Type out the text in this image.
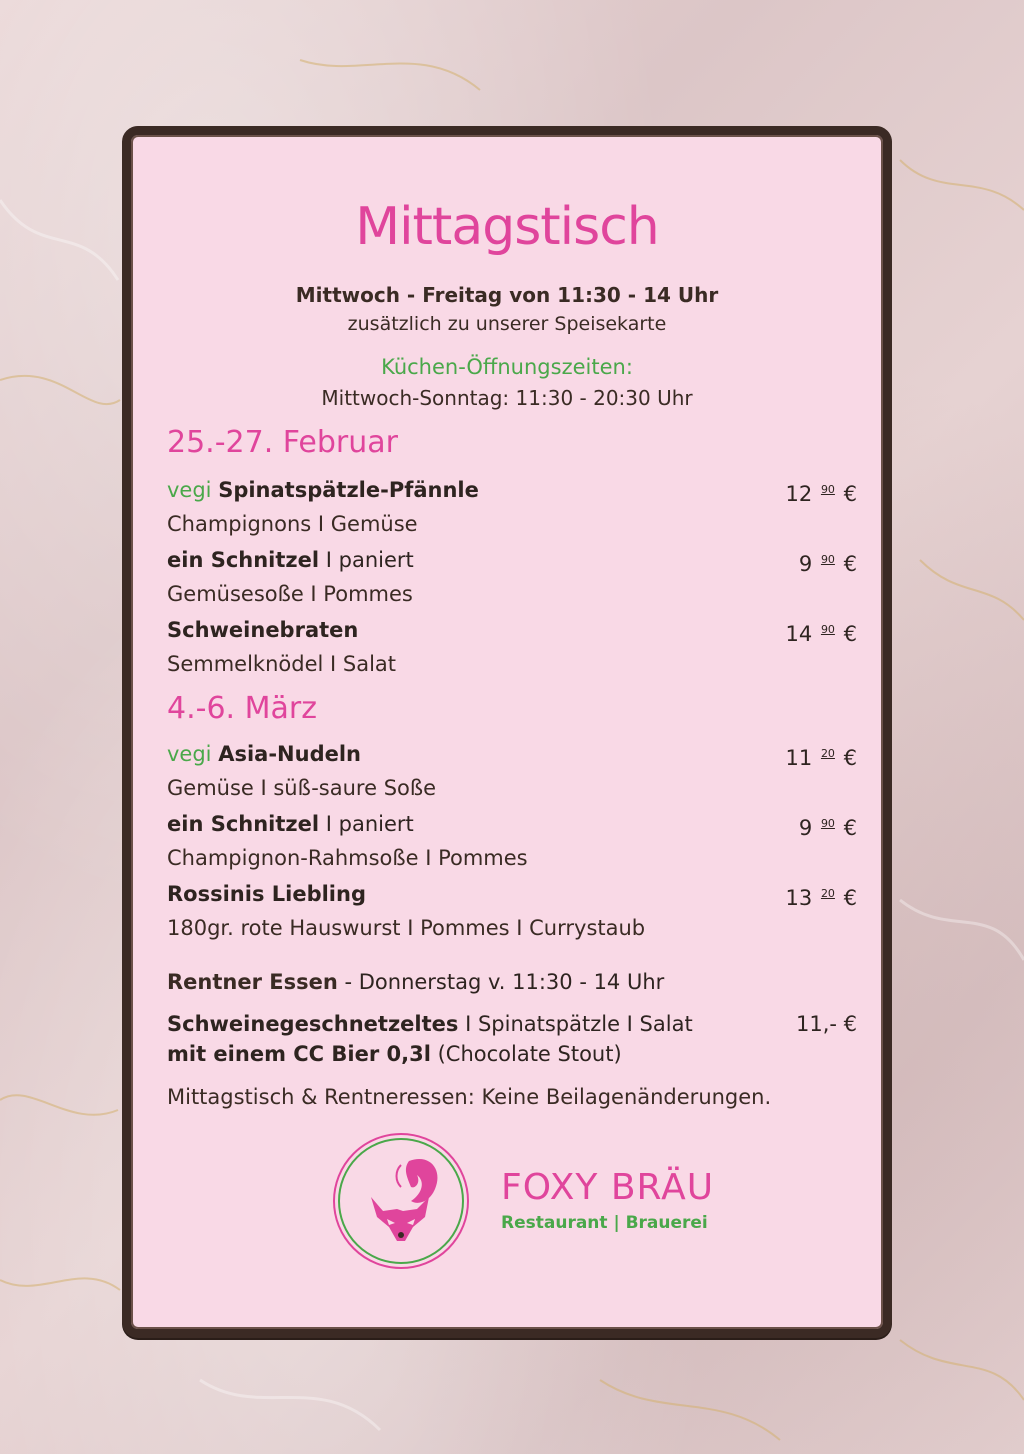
Mittagstisch
Mittwoch - Freitag von 11:30 - 14 Uhr
zusätzlich zu unserer Speisekarte
Küchen-Öffnungszeiten:
Mittwoch-Sonntag: 11:30 - 20:30 Uhr
25.-27. Februar
vegi Spinatspätzle-Pfännle	12 $^{90}$ €
Champignons I Gemüse
ein Schnitzel I paniert	9 $^{90}$ €
Gemüsesoße I Pommes
Schweinebraten	14 $^{90}$ €
Semmelknödel I Salat
4.-6. März
vegi Asia-Nudeln	11 $^{20}$ €
Gemüse I süß-saure Soße
ein Schnitzel I paniert	9 $^{90}$ €
Champignon-Rahmsoße I Pommes
Rossinis Liebling	13 $^{20}$ €
180gr. rote Hauswurst I Pommes I Currystaub
Rentner Essen - Donnerstag v. 11:30 - 14 Uhr
Schweinegeschnetzeltes I Spinatspätzle I Salat	11,- €
mit einem CC Bier 0,3l (Chocolate Stout)
Mittagstisch & Rentneressen: Keine Beilagenänderungen.
FOXY BRÄU
Restaurant | Brauerei
